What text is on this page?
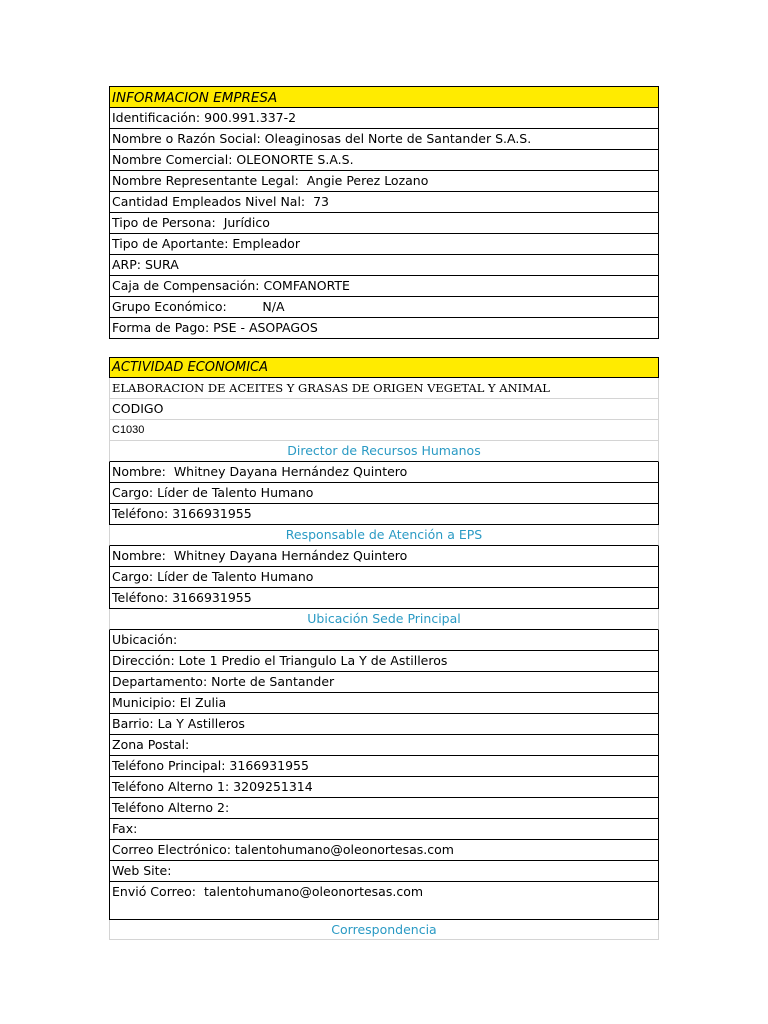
INFORMACION EMPRESA
Identificación: 900.991.337-2
Nombre o Razón Social: Oleaginosas del Norte de Santander S.A.S.
Nombre Comercial: OLEONORTE S.A.S.
Nombre Representante Legal:  Angie Perez Lozano
Cantidad Empleados Nivel Nal:  73
Tipo de Persona:  Jurídico
Tipo de Aportante: Empleador
ARP: SURA
Caja de Compensación: COMFANORTE
Grupo Económico:         N/A
Forma de Pago: PSE - ASOPAGOS
ACTIVIDAD ECONOMICA
ELABORACION DE ACEITES Y GRASAS DE ORIGEN VEGETAL Y ANIMAL
CODIGO
C1030
Director de Recursos Humanos
Nombre:  Whitney Dayana Hernández Quintero
Cargo: Líder de Talento Humano
Teléfono: 3166931955
Responsable de Atención a EPS
Nombre:  Whitney Dayana Hernández Quintero
Cargo: Líder de Talento Humano
Teléfono: 3166931955
Ubicación Sede Principal
Ubicación:
Dirección: Lote 1 Predio el Triangulo La Y de Astilleros
Departamento: Norte de Santander
Municipio: El Zulia
Barrio: La Y Astilleros
Zona Postal:
Teléfono Principal: 3166931955
Teléfono Alterno 1: 3209251314
Teléfono Alterno 2:
Fax:
Correo Electrónico: talentohumano@oleonortesas.com
Web Site:
Envió Correo:  talentohumano@oleonortesas.com
Correspondencia
